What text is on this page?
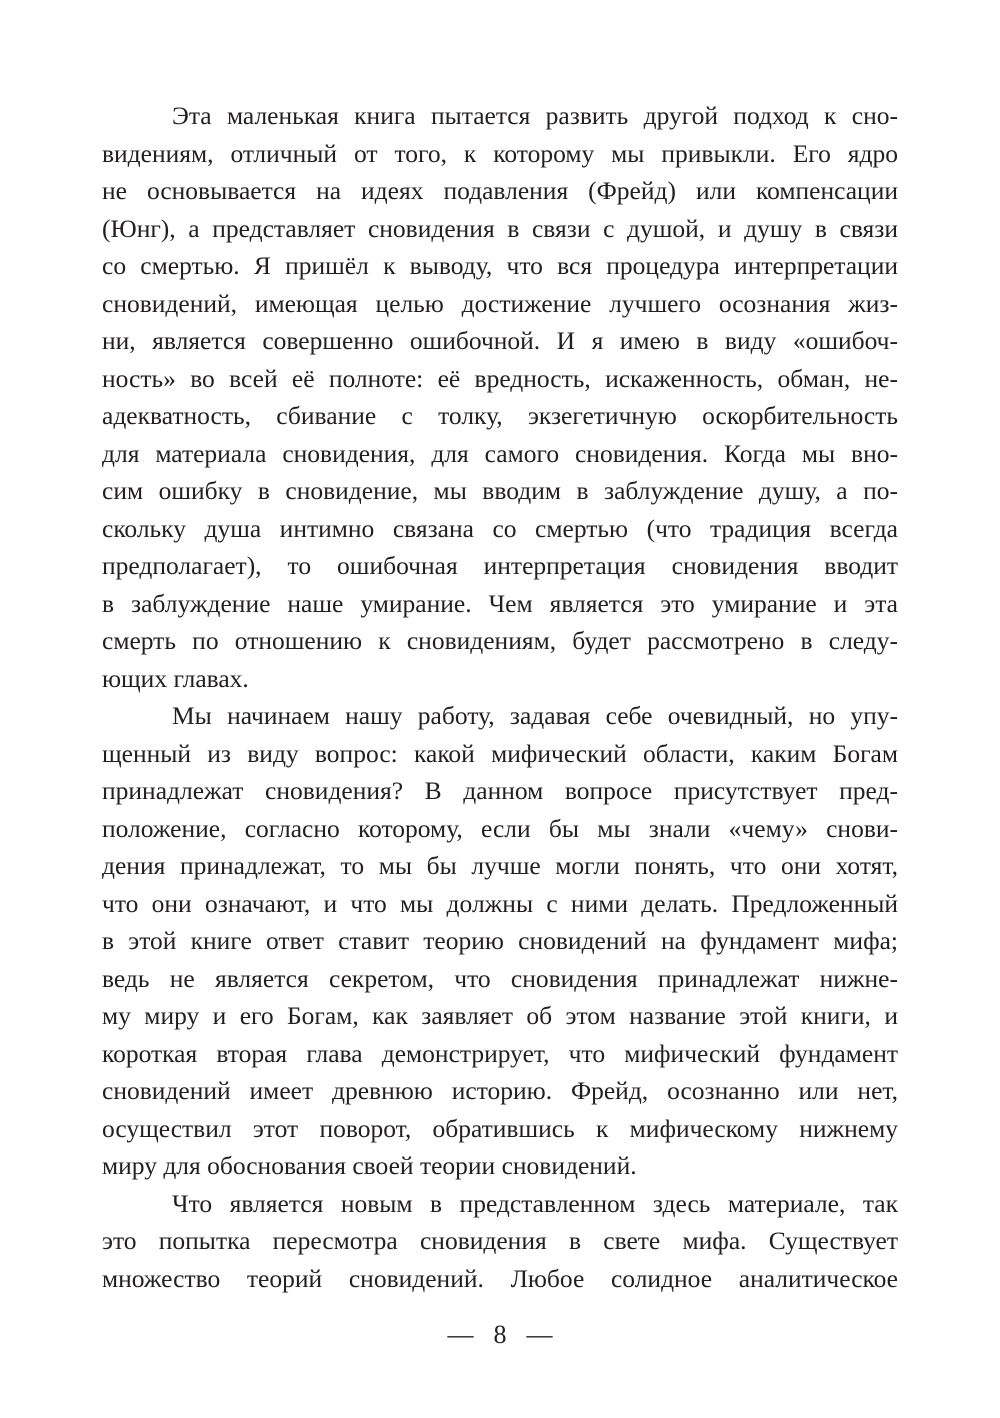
Эта маленькая книга пытается развить другой подход к сно-
видениям, отличный от того, к которому мы привыкли. Его ядро
не основывается на идеях подавления (Фрейд) или компенсации
(Юнг), а представляет сновидения в связи с душой, и душу в связи
со смертью. Я пришёл к выводу, что вся процедура интерпретации
сновидений, имеющая целью достижение лучшего осознания жиз-
ни, является совершенно ошибочной. И я имею в виду «ошибоч-
ность» во всей её полноте: её вредность, искаженность, обман, не-
адекватность, сбивание с толку, экзегетичную оскорбительность
для материала сновидения, для самого сновидения. Когда мы вно-
сим ошибку в сновидение, мы вводим в заблуждение душу, а по-
скольку душа интимно связана со смертью (что традиция всегда
предполагает), то ошибочная интерпретация сновидения вводит
в заблуждение наше умирание. Чем является это умирание и эта
смерть по отношению к сновидениям, будет рассмотрено в следу-
ющих главах.
Мы начинаем нашу работу, задавая себе очевидный, но упу-
щенный из виду вопрос: какой мифический области, каким Богам
принадлежат сновидения? В данном вопросе присутствует пред-
положение, согласно которому, если бы мы знали «чему» снови-
дения принадлежат, то мы бы лучше могли понять, что они хотят,
что они означают, и что мы должны с ними делать. Предложенный
в этой книге ответ ставит теорию сновидений на фундамент мифа;
ведь не является секретом, что сновидения принадлежат нижне-
му миру и его Богам, как заявляет об этом название этой книги, и
короткая вторая глава демонстрирует, что мифический фундамент
сновидений имеет древнюю историю. Фрейд, осознанно или нет,
осуществил этот поворот, обратившись к мифическому нижнему
миру для обоснования своей теории сновидений.
Что является новым в представленном здесь материале, так
это попытка пересмотра сновидения в свете мифа. Существует
множество теорий сновидений. Любое солидное аналитическое
— 8 —
